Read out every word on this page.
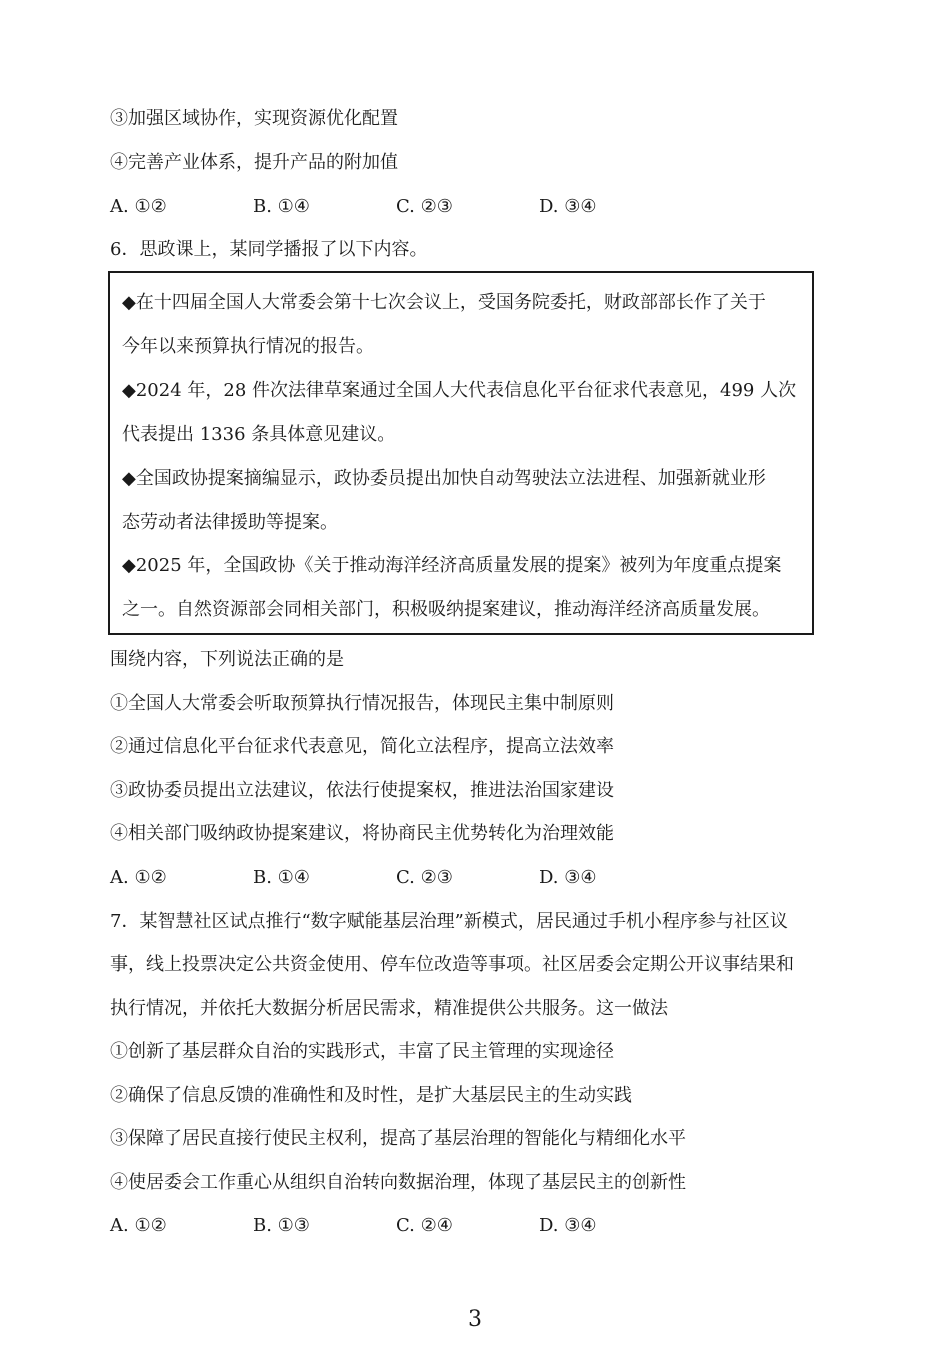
③加强区域协作，实现资源优化配置
④完善产业体系，提升产品的附加值
A. ①②	B. ①④	C. ②③	D. ③④
6．思政课上，某同学播报了以下内容。
◆在十四届全国人大常委会第十七次会议上，受国务院委托，财政部部长作了关于
今年以来预算执行情况的报告。
◆2024 年，28 件次法律草案通过全国人大代表信息化平台征求代表意见，499 人次
代表提出 1336 条具体意见建议。
◆全国政协提案摘编显示，政协委员提出加快自动驾驶法立法进程、加强新就业形
态劳动者法律援助等提案。
◆2025 年，全国政协《关于推动海洋经济高质量发展的提案》被列为年度重点提案
之一。自然资源部会同相关部门，积极吸纳提案建议，推动海洋经济高质量发展。
围绕内容，下列说法正确的是
①全国人大常委会听取预算执行情况报告，体现民主集中制原则
②通过信息化平台征求代表意见，简化立法程序，提高立法效率
③政协委员提出立法建议，依法行使提案权，推进法治国家建设
④相关部门吸纳政协提案建议，将协商民主优势转化为治理效能
A. ①②	B. ①④	C. ②③	D. ③④
7．某智慧社区试点推行“数字赋能基层治理”新模式，居民通过手机小程序参与社区议
事，线上投票决定公共资金使用、停车位改造等事项。社区居委会定期公开议事结果和
执行情况，并依托大数据分析居民需求，精准提供公共服务。这一做法
①创新了基层群众自治的实践形式，丰富了民主管理的实现途径
②确保了信息反馈的准确性和及时性，是扩大基层民主的生动实践
③保障了居民直接行使民主权利，提高了基层治理的智能化与精细化水平
④使居委会工作重心从组织自治转向数据治理，体现了基层民主的创新性
A. ①②	B. ①③	C. ②④	D. ③④
3
